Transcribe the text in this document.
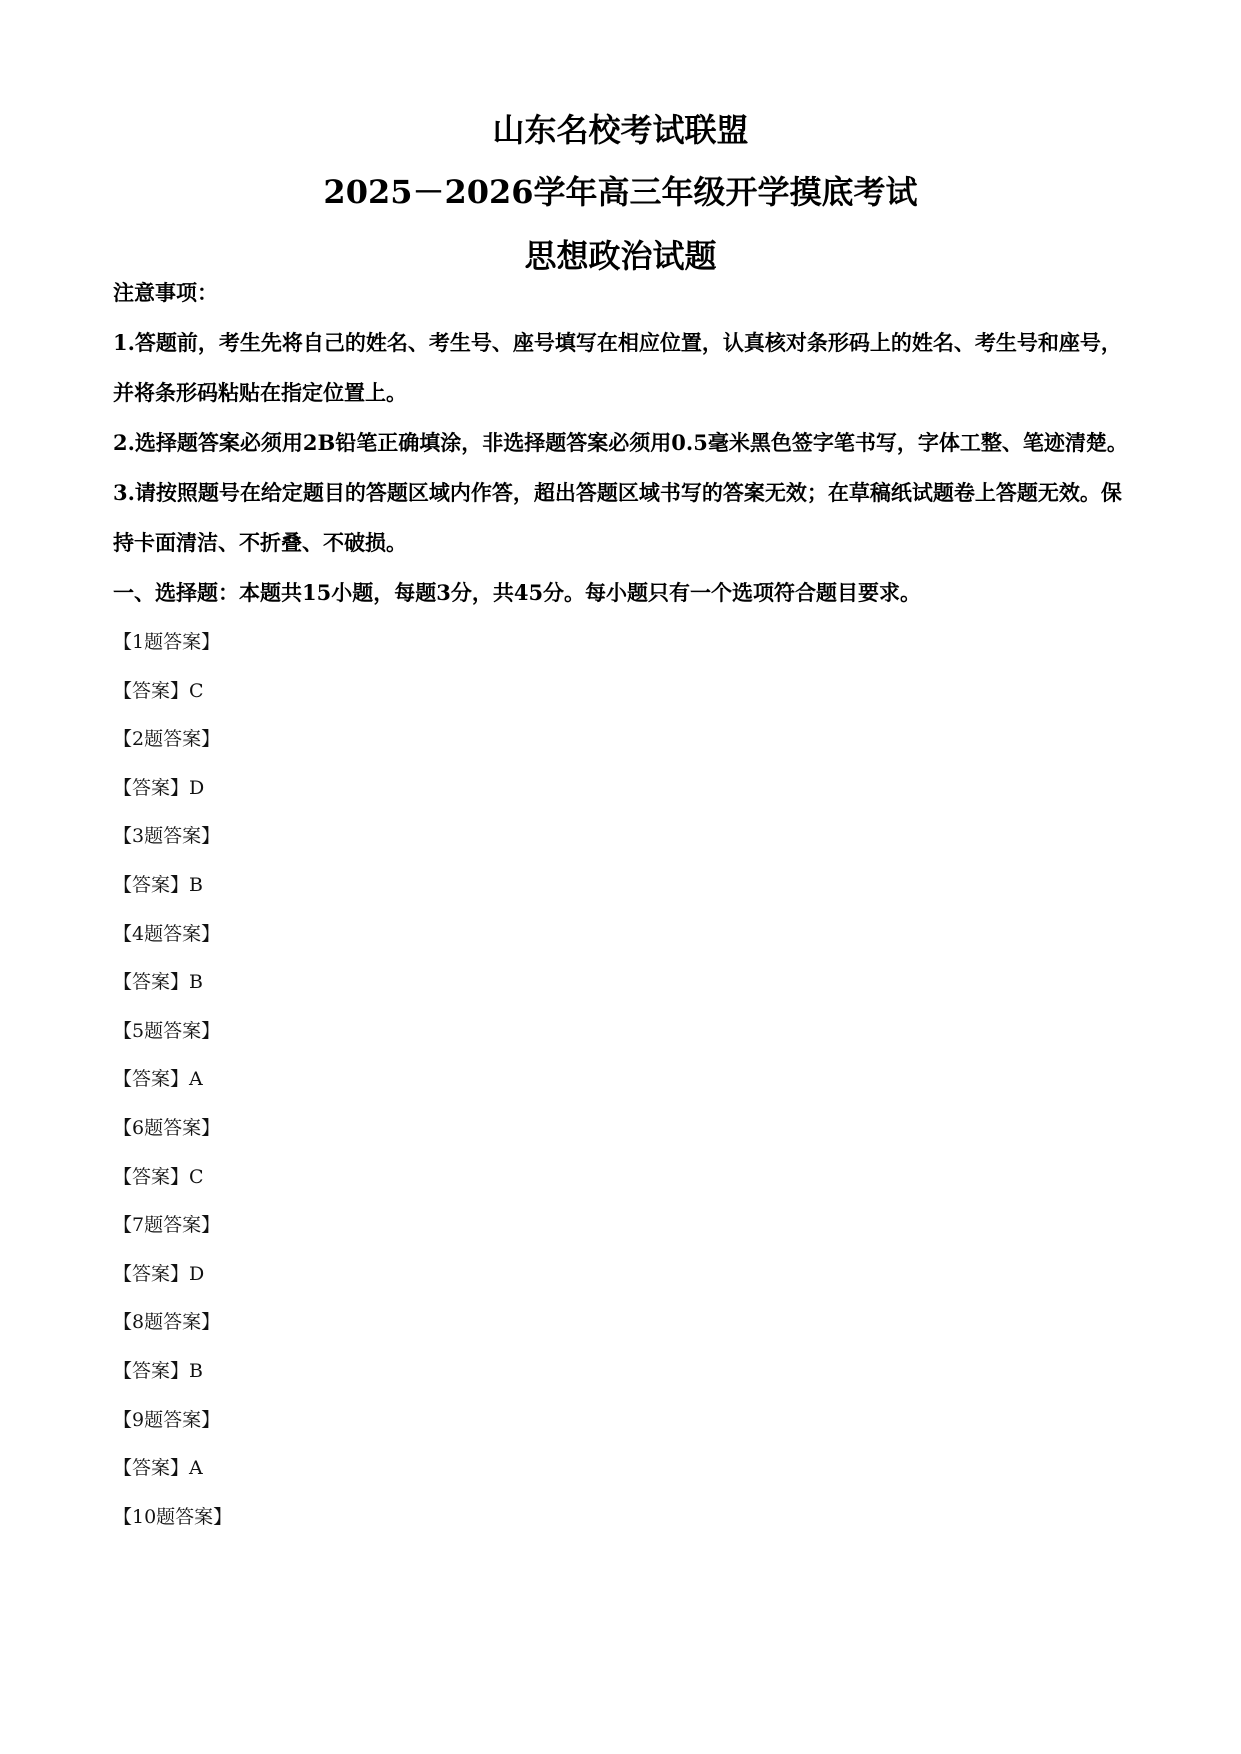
山东名校考试联盟
2025－2026学年高三年级开学摸底考试
思想政治试题
注意事项：

1.答题前，考生先将自己的姓名、考生号、座号填写在相应位置，认真核对条形码上的姓名、考生号和座号，并将条形码粘贴在指定位置上。

2.选择题答案必须用2B铅笔正确填涂，非选择题答案必须用0.5毫米黑色签字笔书写，字体工整、笔迹清楚。

3.请按照题号在给定题目的答题区域内作答，超出答题区域书写的答案无效；在草稿纸试题卷上答题无效。保持卡面清洁、不折叠、不破损。

一、选择题：本题共15小题，每题3分，共45分。每小题只有一个选项符合题目要求。
【1题答案】
【答案】C
【2题答案】
【答案】D
【3题答案】
【答案】B
【4题答案】
【答案】B
【5题答案】
【答案】A
【6题答案】
【答案】C
【7题答案】
【答案】D
【8题答案】
【答案】B
【9题答案】
【答案】A
【10题答案】
